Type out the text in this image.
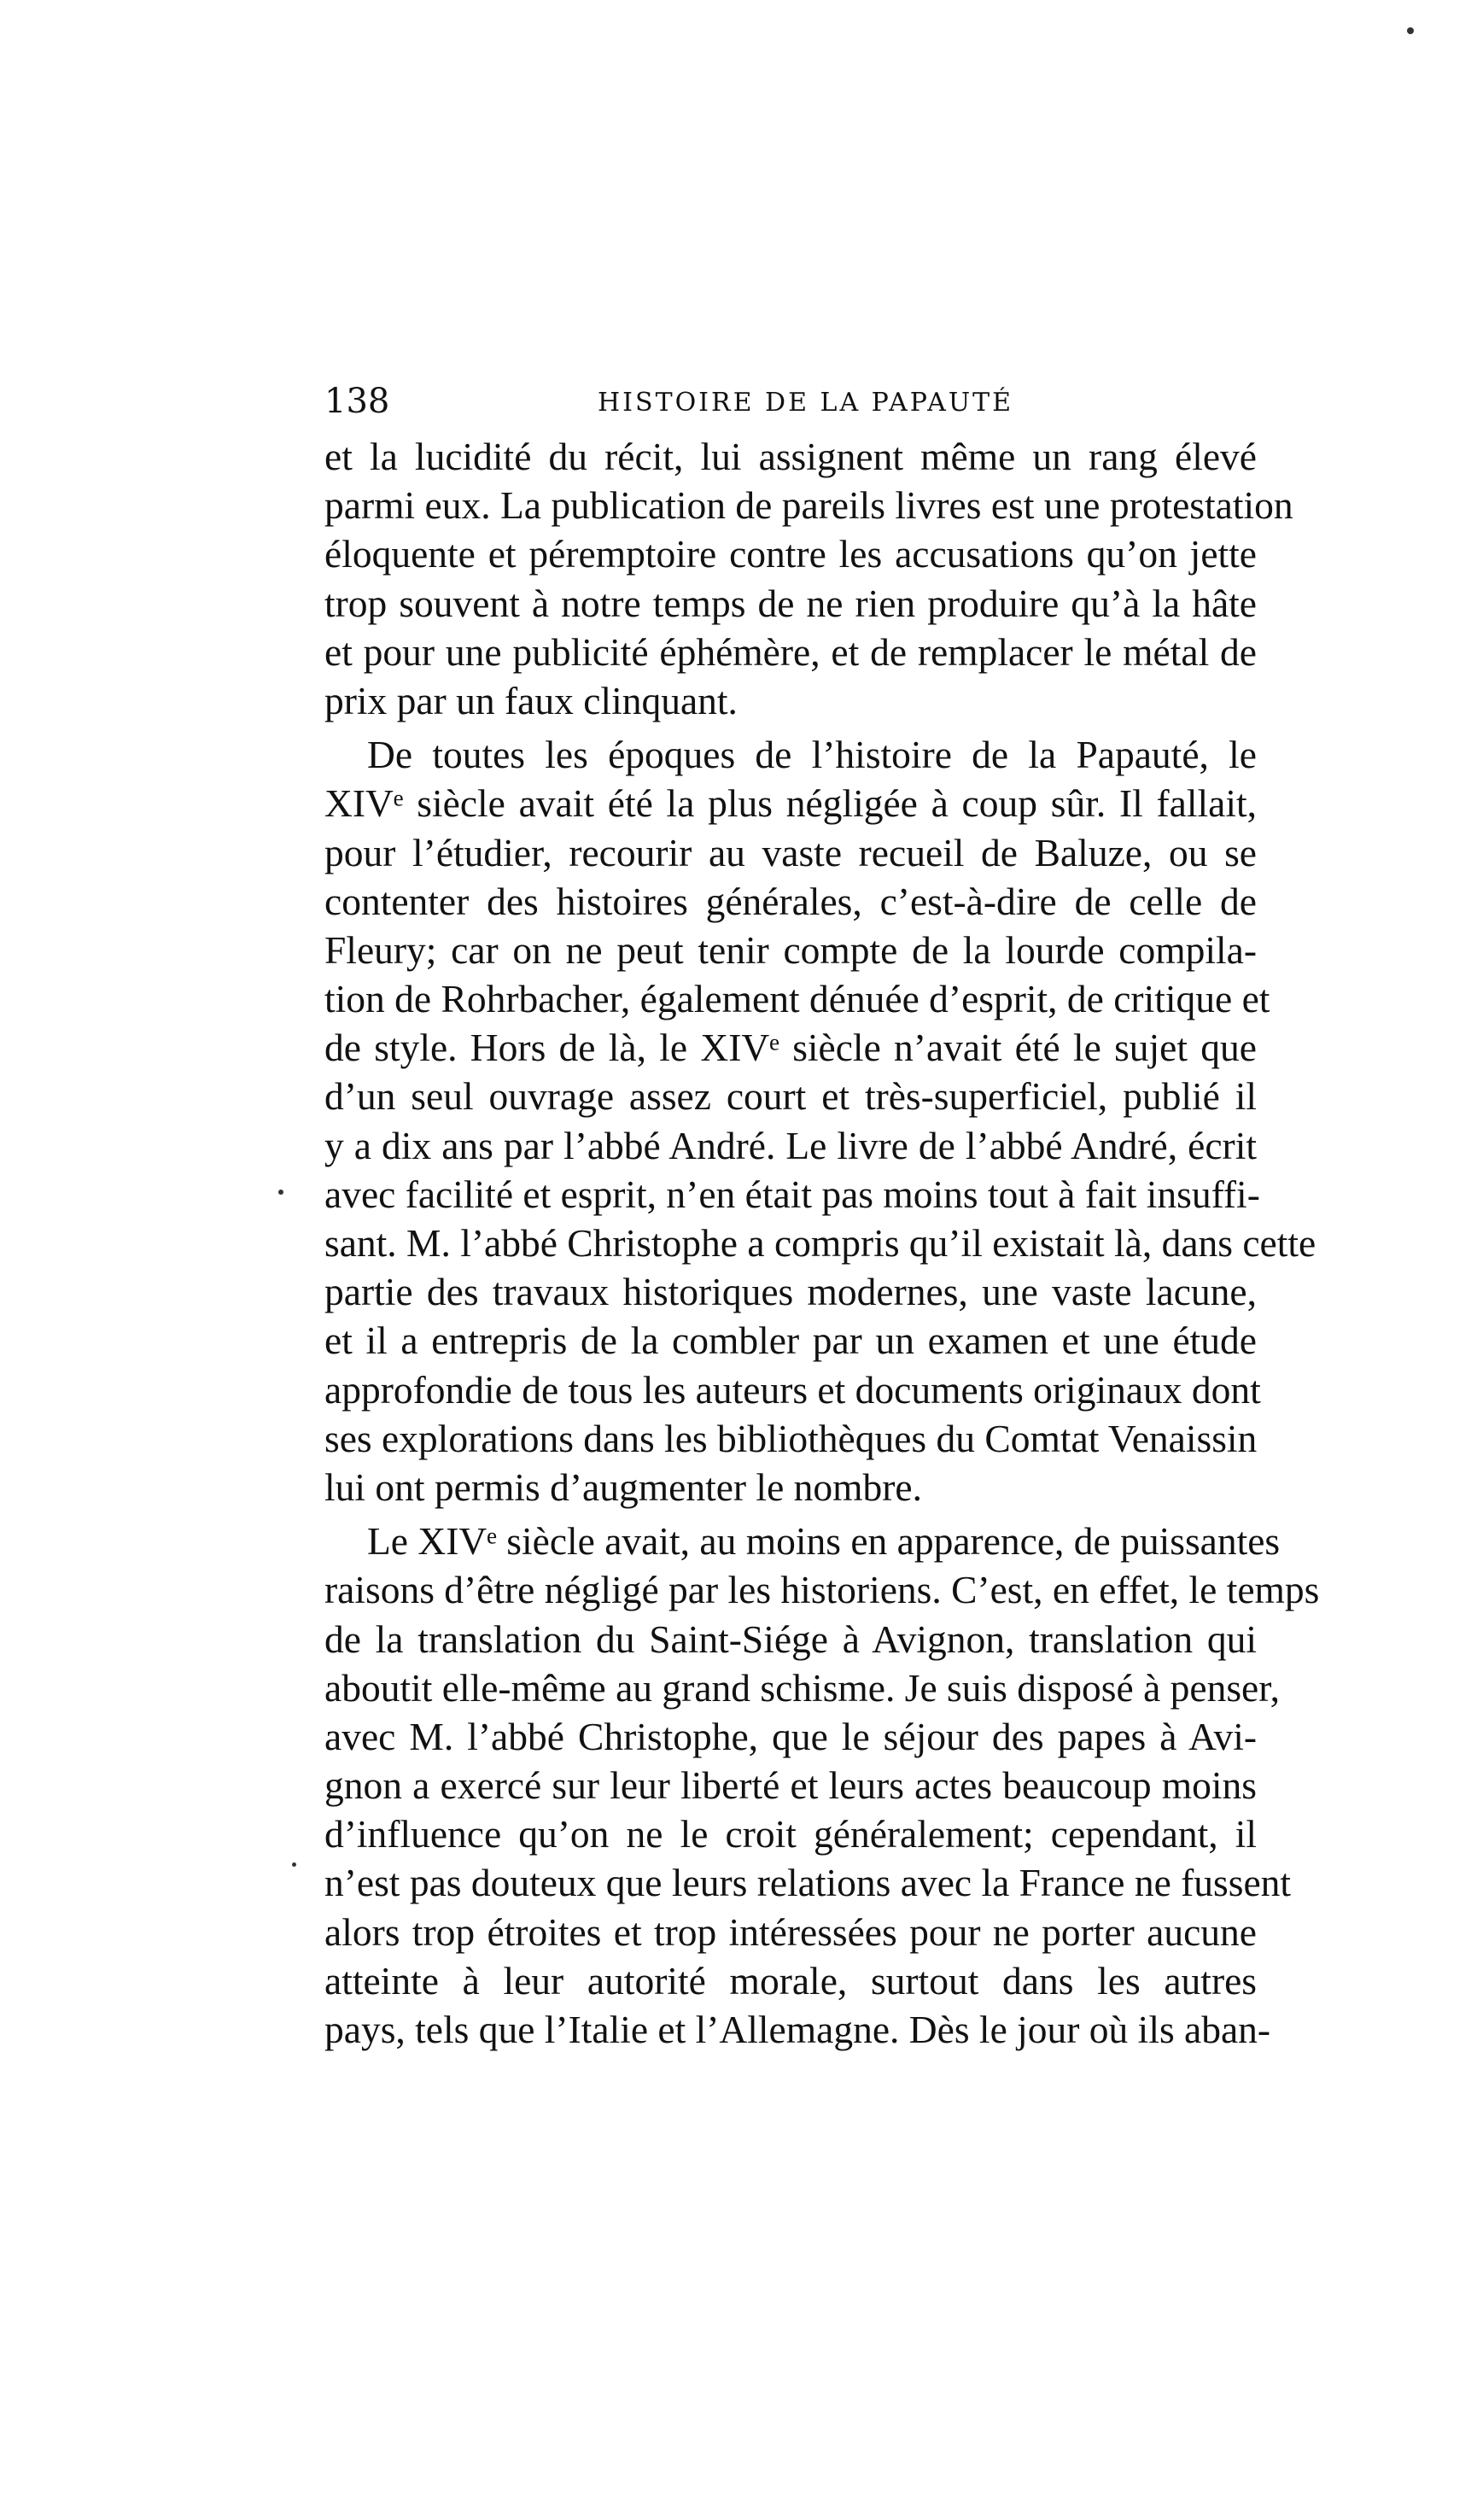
138	HISTOIRE DE LA PAPAUTÉ
et la lucidité du récit, lui assignent même un rang élevé
parmi eux. La publication de pareils livres est une protestation
éloquente et péremptoire contre les accusations qu’on jette
trop souvent à notre temps de ne rien produire qu’à la hâte
et pour une publicité éphémère, et de remplacer le métal de
prix par un faux clinquant.
De toutes les époques de l’histoire de la Papauté, le
XIVᵉ siècle avait été la plus négligée à coup sûr. Il fallait,
pour l’étudier, recourir au vaste recueil de Baluze, ou se
contenter des histoires générales, c’est-à-dire de celle de
Fleury; car on ne peut tenir compte de la lourde compila-
tion de Rohrbacher, également dénuée d’esprit, de critique et
de style. Hors de là, le XIVᵉ siècle n’avait été le sujet que
d’un seul ouvrage assez court et très-superficiel, publié il
y a dix ans par l’abbé André. Le livre de l’abbé André, écrit
avec facilité et esprit, n’en était pas moins tout à fait insuffi-
sant. M. l’abbé Christophe a compris qu’il existait là, dans cette
partie des travaux historiques modernes, une vaste lacune,
et il a entrepris de la combler par un examen et une étude
approfondie de tous les auteurs et documents originaux dont
ses explorations dans les bibliothèques du Comtat Venaissin
lui ont permis d’augmenter le nombre.
Le XIVᵉ siècle avait, au moins en apparence, de puissantes
raisons d’être négligé par les historiens. C’est, en effet, le temps
de la translation du Saint-Siége à Avignon, translation qui
aboutit elle-même au grand schisme. Je suis disposé à penser,
avec M. l’abbé Christophe, que le séjour des papes à Avi-
gnon a exercé sur leur liberté et leurs actes beaucoup moins
d’influence qu’on ne le croit généralement; cependant, il
n’est pas douteux que leurs relations avec la France ne fussent
alors trop étroites et trop intéressées pour ne porter aucune
atteinte à leur autorité morale, surtout dans les autres
pays, tels que l’Italie et l’Allemagne. Dès le jour où ils aban-
